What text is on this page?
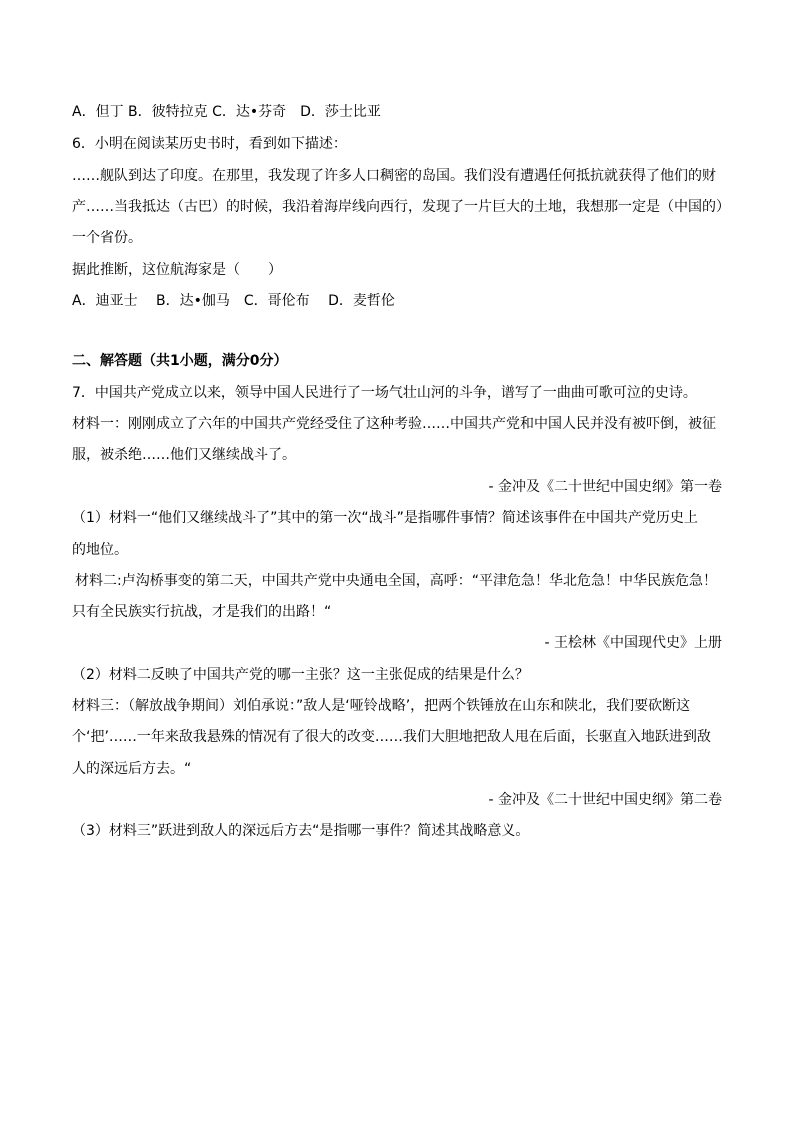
A．但丁 B．彼特拉克 C．达•芬奇　D．莎士比亚
6．小明在阅读某历史书时，看到如下描述：
……舰队到达了印度。在那里，我发现了许多人口稠密的岛国。我们没有遭遇任何抵抗就获得了他们的财
产……当我抵达（古巴）的时候，我沿着海岸线向西行，发现了一片巨大的土地，我想那一定是（中国的）
一个省份。
据此推断，这位航海家是（　　）
A．迪亚士　 B．达•伽马　C．哥伦布　 D．麦哲伦
二、解答题（共1小题，满分0分）
7．中国共产党成立以来，领导中国人民进行了一场气壮山河的斗争，谱写了一曲曲可歌可泣的史诗。
材料一：刚刚成立了六年的中国共产党经受住了这种考验……中国共产党和中国人民并没有被吓倒，被征
服，被杀绝……他们又继续战斗了。
- 金冲及《二十世纪中国史纲》第一卷
（1）材料一“他们又继续战斗了”其中的第一次“战斗”是指哪件事情？简述该事件在中国共产党历史上
的地位。
材料二:卢沟桥事变的第二天，中国共产党中央通电全国，高呼：“平津危急！华北危急！中华民族危急！
只有全民族实行抗战，才是我们的出路！“
- 王桧林《中国现代史》上册
（2）材料二反映了中国共产党的哪一主张？这一主张促成的结果是什么？
材料三：（解放战争期间）刘伯承说：”敌人是‘哑铃战略’，把两个铁锤放在山东和陕北，我们要砍断这
个‘把’……一年来敌我悬殊的情况有了很大的改变……我们大胆地把敌人甩在后面，长驱直入地跃进到敌
人的深远后方去。“
- 金冲及《二十世纪中国史纲》第二卷
（3）材料三”跃进到敌人的深远后方去“是指哪一事件？简述其战略意义。
